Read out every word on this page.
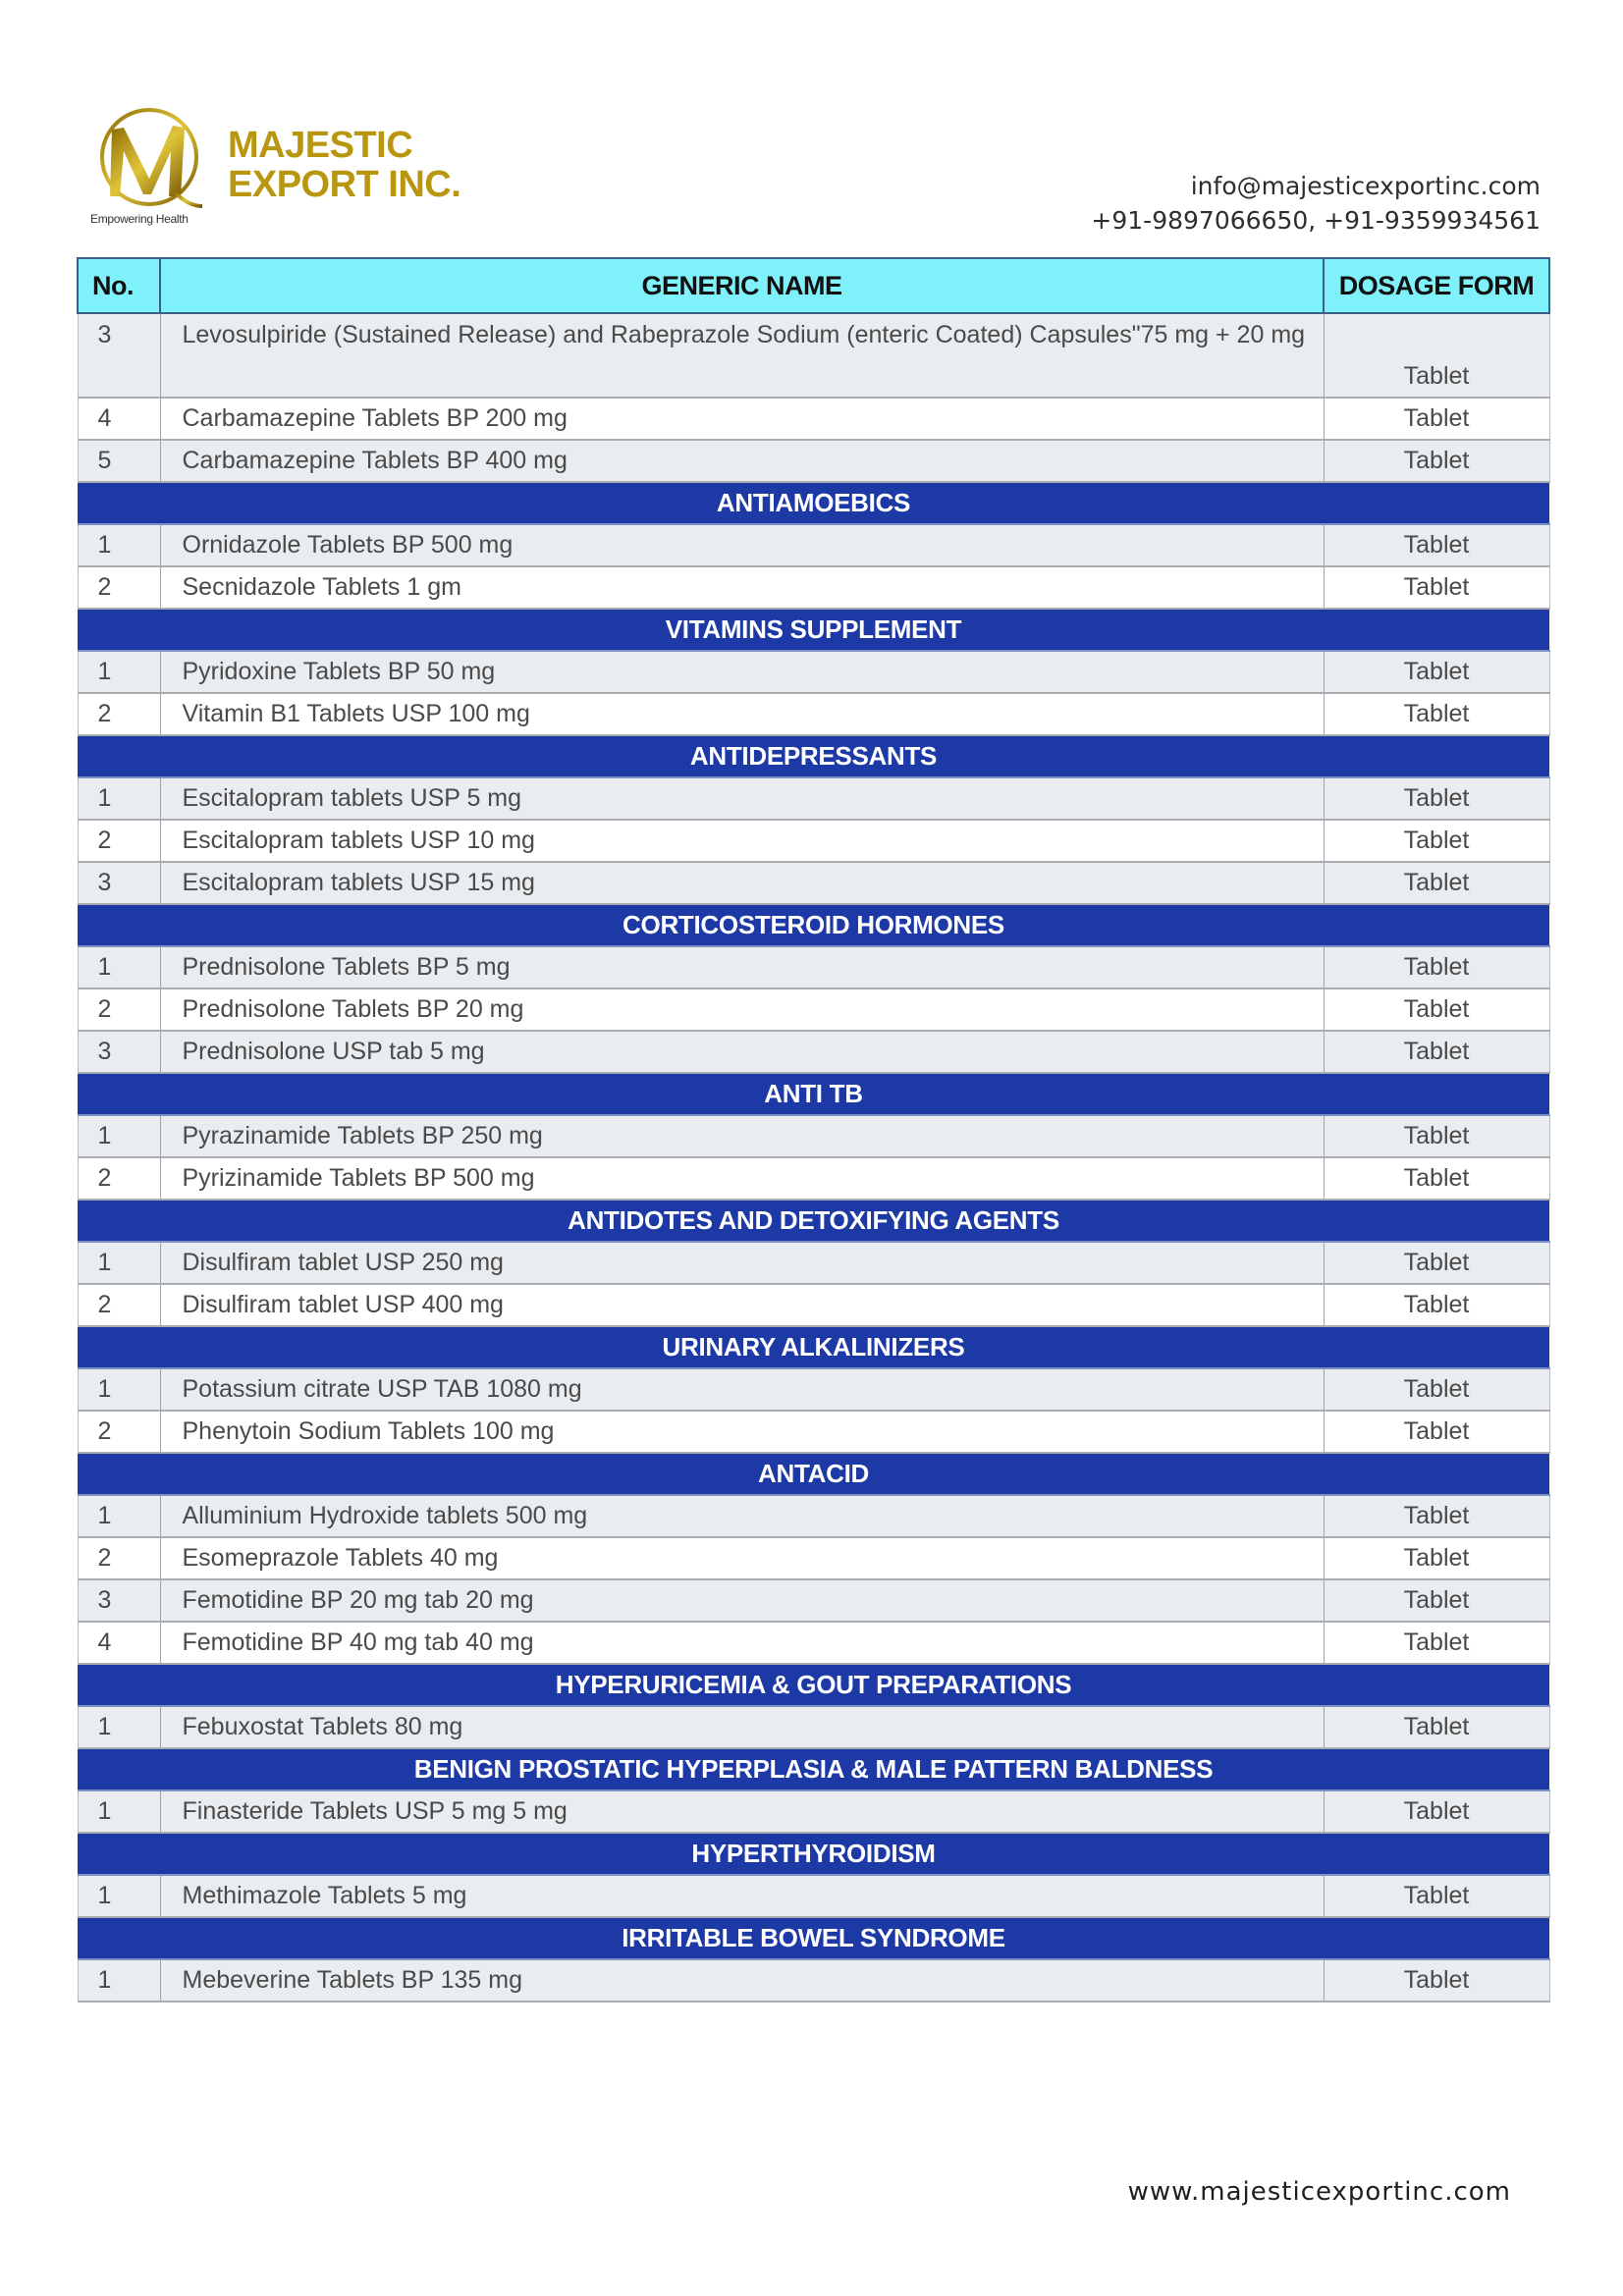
MAJESTIC
EXPORT INC.
Empowering Health
info@majesticexportinc.com
+91-9897066650, +91-9359934561
No.	GENERIC NAME	DOSAGE FORM
3	Levosulpiride (Sustained Release) and Rabeprazole Sodium (enteric Coated) Capsules"75 mg + 20 mg	Tablet
4	Carbamazepine Tablets BP 200 mg	Tablet
5	Carbamazepine Tablets BP 400 mg	Tablet
ANTIAMOEBICS		
1	Ornidazole Tablets BP 500 mg	Tablet
2	Secnidazole Tablets 1 gm	Tablet
VITAMINS SUPPLEMENT		
1	Pyridoxine Tablets BP 50 mg	Tablet
2	Vitamin B1 Tablets USP 100 mg	Tablet
ANTIDEPRESSANTS		
1	Escitalopram tablets USP 5 mg	Tablet
2	Escitalopram tablets USP 10 mg	Tablet
3	Escitalopram tablets USP 15 mg	Tablet
CORTICOSTEROID HORMONES		
1	Prednisolone Tablets BP 5 mg	Tablet
2	Prednisolone Tablets BP 20 mg	Tablet
3	Prednisolone USP tab 5 mg	Tablet
ANTI TB		
1	Pyrazinamide Tablets BP 250 mg	Tablet
2	Pyrizinamide Tablets BP 500 mg	Tablet
ANTIDOTES AND DETOXIFYING AGENTS		
1	Disulfiram tablet USP 250 mg	Tablet
2	Disulfiram tablet USP 400 mg	Tablet
URINARY ALKALINIZERS		
1	Potassium citrate USP TAB 1080 mg	Tablet
2	Phenytoin Sodium Tablets 100 mg	Tablet
ANTACID		
1	Alluminium Hydroxide tablets 500 mg	Tablet
2	Esomeprazole Tablets 40 mg	Tablet
3	Femotidine BP 20 mg tab 20 mg	Tablet
4	Femotidine BP 40 mg tab 40 mg	Tablet
HYPERURICEMIA & GOUT PREPARATIONS		
1	Febuxostat Tablets 80 mg	Tablet
BENIGN PROSTATIC HYPERPLASIA & MALE PATTERN BALDNESS		
1	Finasteride Tablets USP 5 mg 5 mg	Tablet
HYPERTHYROIDISM		
1	Methimazole Tablets 5 mg	Tablet
IRRITABLE BOWEL SYNDROME		
1	Mebeverine Tablets BP 135 mg	Tablet
www.majesticexportinc.com
